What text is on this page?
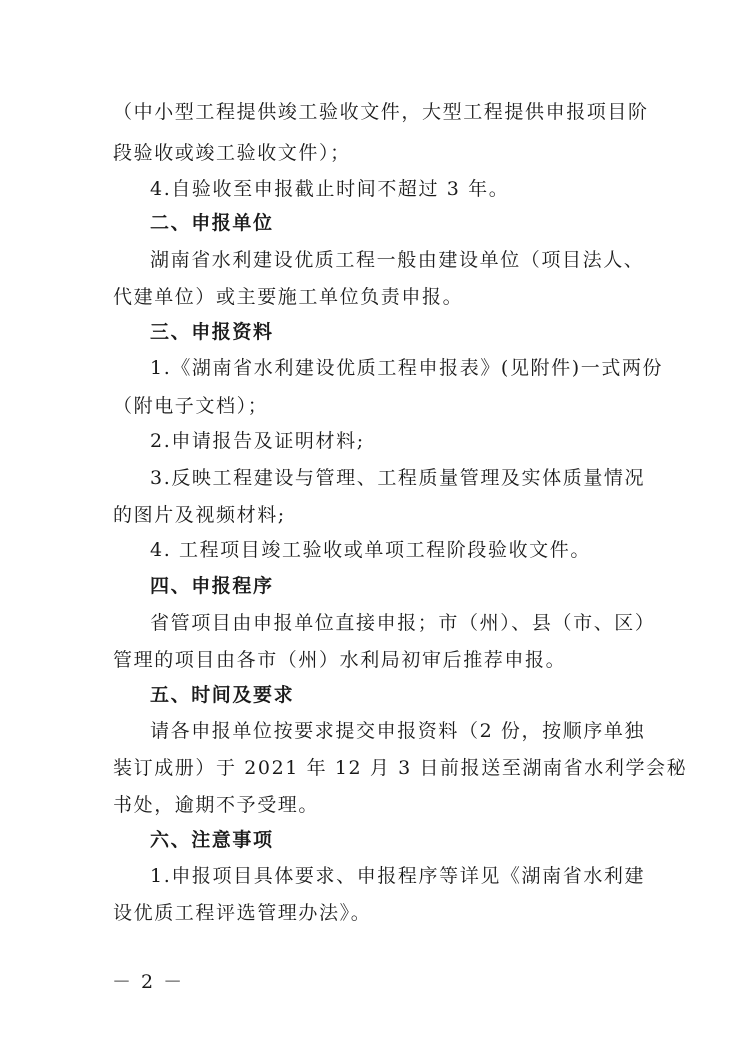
（中小型工程提供竣工验收文件，大型工程提供申报项目阶
段验收或竣工验收文件）；
4.自验收至申报截止时间不超过 3 年。
二、申报单位
湖南省水利建设优质工程一般由建设单位（项目法人、
代建单位）或主要施工单位负责申报。
三、申报资料
1.《湖南省水利建设优质工程申报表》(见附件)一式两份
（附电子文档）；
2.申请报告及证明材料;
3.反映工程建设与管理、工程质量管理及实体质量情况
的图片及视频材料;
4. 工程项目竣工验收或单项工程阶段验收文件。
四、申报程序
省管项目由申报单位直接申报；市（州）、县（市、区）
管理的项目由各市（州）水利局初审后推荐申报。
五、时间及要求
请各申报单位按要求提交申报资料（2 份，按顺序单独
装订成册）于 2021 年 12 月 3 日前报送至湖南省水利学会秘
书处，逾期不予受理。
六、注意事项
1.申报项目具体要求、申报程序等详见《湖南省水利建
设优质工程评选管理办法》。
－ 2 －
